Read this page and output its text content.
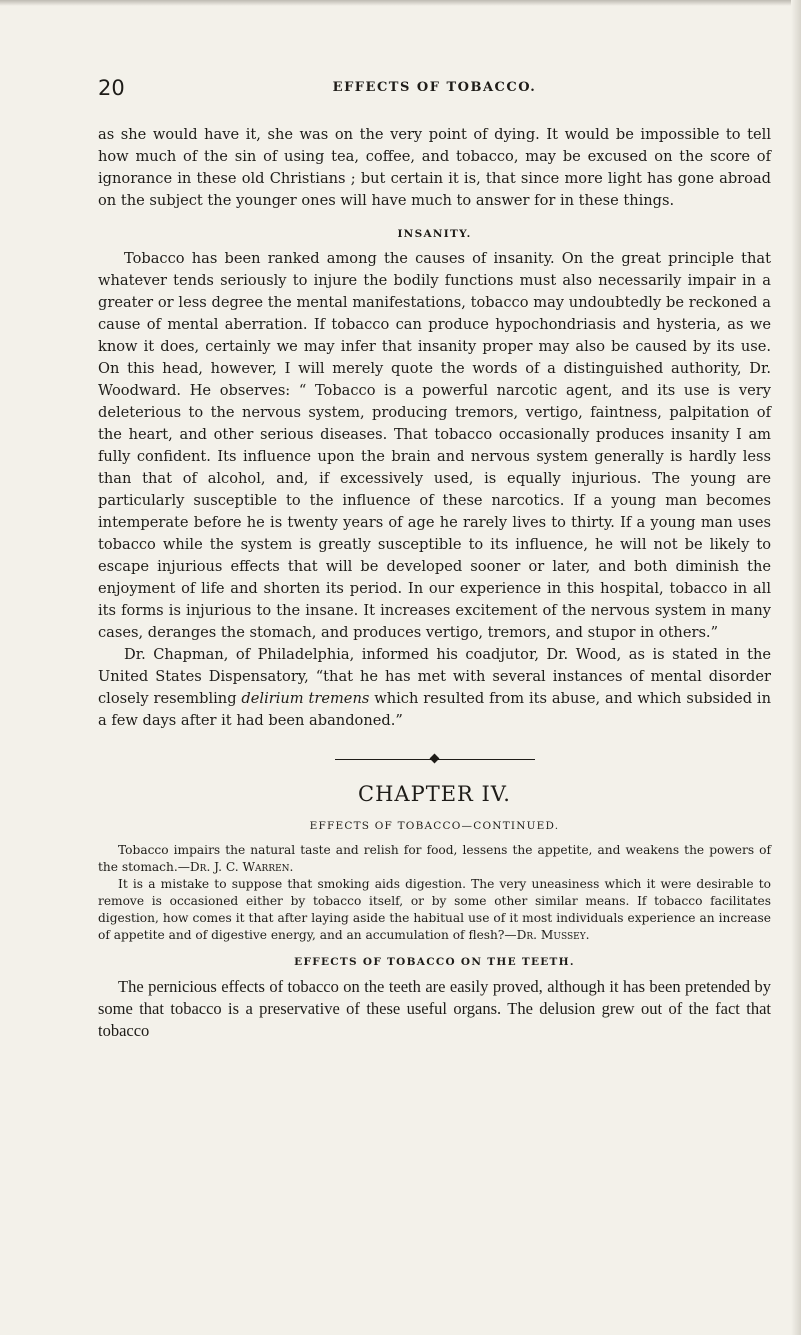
20	EFFECTS OF TOBACCO.

as she would have it, she was on the very point of dying. It would be impossible to tell how much of the sin of using tea, coffee, and tobacco, may be excused on the score of ignorance in these old Christians ; but certain it is, that since more light has gone abroad on the subject the younger ones will have much to answer for in these things.

INSANITY.

Tobacco has been ranked among the causes of insanity. On the great principle that whatever tends seriously to injure the bodily functions must also necessarily impair in a greater or less degree the mental manifestations, tobacco may undoubtedly be reckoned a cause of mental aberration. If tobacco can produce hypochondriasis and hysteria, as we know it does, certainly we may infer that insanity proper may also be caused by its use. On this head, however, I will merely quote the words of a distinguished authority, Dr. Woodward. He observes: “ Tobacco is a powerful narcotic agent, and its use is very deleterious to the nervous system, producing tremors, vertigo, faintness, palpitation of the heart, and other serious diseases. That tobacco occasionally produces insanity I am fully confident. Its influence upon the brain and nervous system generally is hardly less than that of alcohol, and, if excessively used, is equally injurious. The young are particularly susceptible to the influence of these narcotics. If a young man becomes intemperate before he is twenty years of age he rarely lives to thirty. If a young man uses tobacco while the system is greatly susceptible to its influence, he will not be likely to escape injurious effects that will be developed sooner or later, and both diminish the enjoyment of life and shorten its period. In our experience in this hospital, tobacco in all its forms is injurious to the insane. It increases excitement of the nervous system in many cases, deranges the stomach, and produces vertigo, tremors, and stupor in others.”

Dr. Chapman, of Philadelphia, informed his coadjutor, Dr. Wood, as is stated in the United States Dispensatory, “that he has met with several instances of mental disorder closely resembling delirium tremens which resulted from its abuse, and which subsided in a few days after it had been abandoned.”

CHAPTER IV.
EFFECTS OF TOBACCO—CONTINUED.

Tobacco impairs the natural taste and relish for food, lessens the appetite, and weakens the powers of the stomach.—Dr. J. C. Warren.

It is a mistake to suppose that smoking aids digestion. The very uneasiness which it were desirable to remove is occasioned either by tobacco itself, or by some other similar means. If tobacco facilitates digestion, how comes it that after laying aside the habitual use of it most individuals experience an increase of appetite and of digestive energy, and an accumulation of flesh?—Dr. Mussey.

EFFECTS OF TOBACCO ON THE TEETH.

The pernicious effects of tobacco on the teeth are easily proved, although it has been pretended by some that tobacco is a preservative of these useful organs. The delusion grew out of the fact that tobacco
